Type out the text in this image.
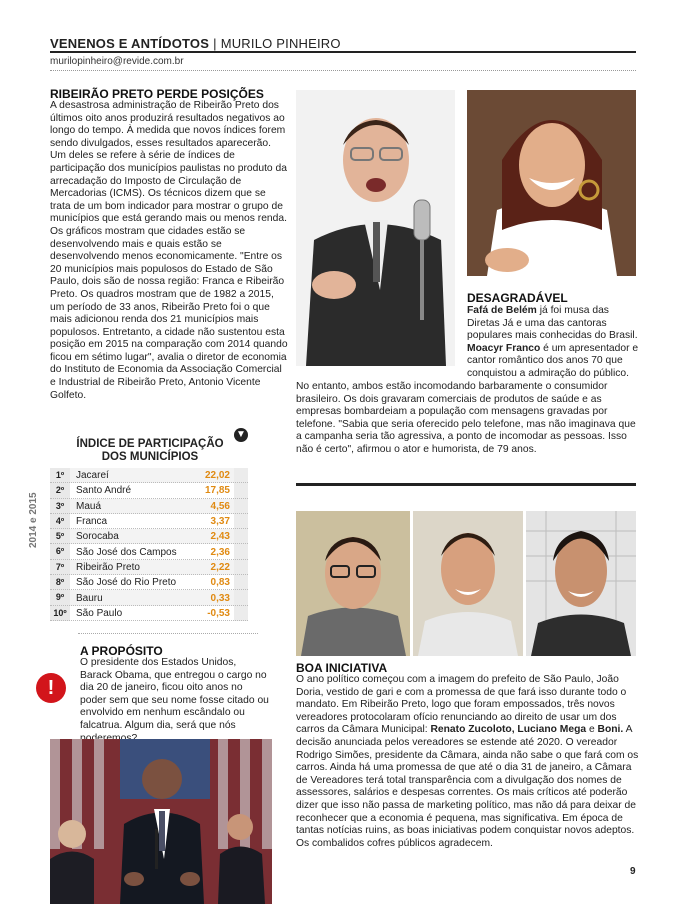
VENENOS E ANTÍDOTOS | MURILO PINHEIRO
murilopinheiro@revide.com.br
RIBEIRÃO PRETO PERDE POSIÇÕES
A desastrosa administração de Ribeirão Preto dos últimos oito anos produzirá resultados negativos ao longo do tempo. À medida que novos índices forem sendo divulgados, esses resultados aparecerão. Um deles se refere à série de índices de participação dos municípios paulistas no produto da arrecadação do Imposto de Circulação de Mercadorias (ICMS). Os técnicos dizem que se trata de um bom indicador para mostrar o grupo de municípios que está gerando mais ou menos renda. Os gráficos mostram que cidades estão se desenvolvendo mais e quais estão se desenvolvendo menos economicamente. "Entre os 20 municípios mais populosos do Estado de São Paulo, dois são de nossa região: Franca e Ribeirão Preto. Os quadros mostram que de 1982 a 2015, um período de 33 anos, Ribeirão Preto foi o que mais adicionou renda dos 21 municípios mais populosos. Entretanto, a cidade não sustentou esta posição em 2015 na comparação com 2014 quando ficou em sétimo lugar", avalia o diretor de economia do Instituto de Economia da Associação Comercial e Industrial de Ribeirão Preto, Antonio Vicente Golfeto.
▼
ÍNDICE DE PARTICIPAÇÃO
DOS MUNICÍPIOS
2014 e 2015
1º	Jacareí	22,02
2º	Santo André	17,85
3º	Mauá	4,56
4º	Franca	3,37
5º	Sorocaba	2,43
6º	São José dos Campos	2,36
7º	Ribeirão Preto	2,22
8º	São José do Rio Preto	0,83
9º	Bauru	0,33
10º São Paulo	-0,53
!
A PROPÓSITO
O presidente dos Estados Unidos, Barack Obama, que entregou o cargo no dia 20 de janeiro, ficou oito anos no poder sem que seu nome fosse citado ou envolvido em nenhum escândalo ou falcatrua. Algum dia, será que nós
DESAGRADÁVEL
Fafá de Belém já foi musa das Diretas Já e uma das cantoras populares mais conhecidas do Brasil. Moacyr Franco é um apresentador e cantor romântico dos anos 70 que conquistou a admiração do público.
No entanto, ambos estão incomodando barbaramente o consumidor brasileiro. Os dois gravaram comerciais de produtos de saúde e as empresas bombardeiam a população com mensagens gravadas por telefone. "Sabia que seria oferecido pelo telefone, mas não imaginava que a campanha seria tão agressiva, a ponto de incomodar as pessoas. Isso não é certo", afirmou o ator e humorista, de 79 anos.
BOA INICIATIVA
O ano político começou com a imagem do prefeito de São Paulo, João Doria, vestido de gari e com a promessa de que fará isso durante todo o mandato. Em Ribeirão Preto, logo que foram empossados, três novos vereadores protocolaram ofício renunciando ao direito de usar um dos carros da Câmara Municipal: Renato Zucoloto, Luciano Mega e Boni. A decisão anunciada pelos vereadores se estende até 2020. O vereador Rodrigo Simões, presidente da Câmara, ainda não sabe o que fará com os carros. Ainda há uma promessa de que até o dia 31 de janeiro, a Câmara de Vereadores terá total transparência com a divulgação dos nomes de assessores, salários e despesas correntes. Os mais críticos até poderão dizer que isso não passa de marketing político, mas não dá para deixar de reconhecer que a economia é pequena, mas significativa. Em época de tantas notícias ruins, as boas iniciativas podem conquistar novos adeptos. Os combalidos cofres públicos agradecem.
9
